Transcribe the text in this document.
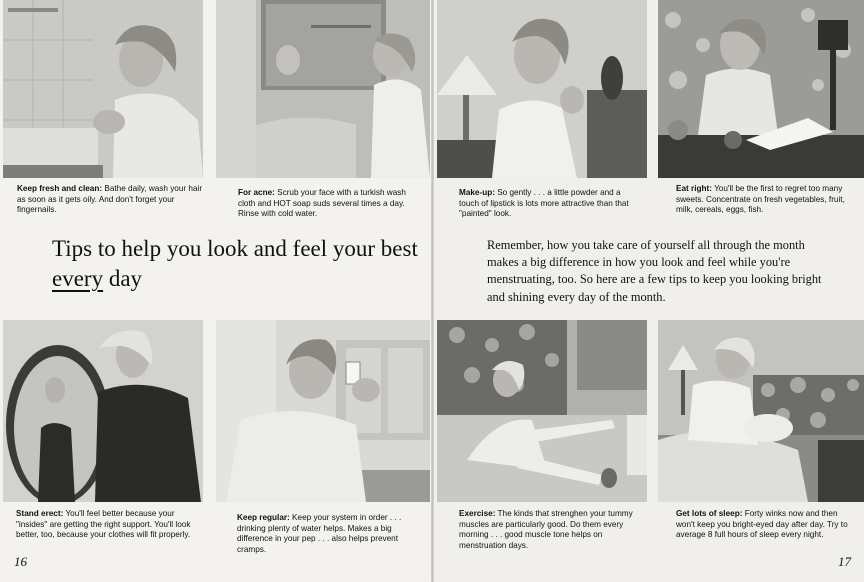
Keep fresh and clean: Bathe daily, wash your hair as soon as it gets oily. And don't forget your fingernails.
For acne: Scrub your face with a turkish wash cloth and HOT soap suds several times a day. Rinse with cold water.
Make-up: So gently . . . a little powder and a touch of lipstick is lots more attractive than that "painted" look.
Eat right: You'll be the first to regret too many sweets. Concentrate on fresh vegetables, fruit, milk, cereals, eggs, fish.
Tips to help you look and feel your best every day
Remember, how you take care of yourself all through the month makes a big difference in how you look and feel while you're menstruating, too. So here are a few tips to keep you looking bright and shining every day of the month.
Stand erect: You'll feel better because your "insides" are getting the right support. You'll look better, too, because your clothes will fit properly.
Keep regular: Keep your system in order . . . drinking plenty of water helps. Makes a big difference in your pep . . . also helps prevent cramps.
Exercise: The kinds that strenghen your tummy muscles are particularly good. Do them every morning . . . good muscle tone helps on menstruation days.
Get lots of sleep: Forty winks now and then won't keep you bright-eyed day after day. Try to average 8 full hours of sleep every night.
16	17
